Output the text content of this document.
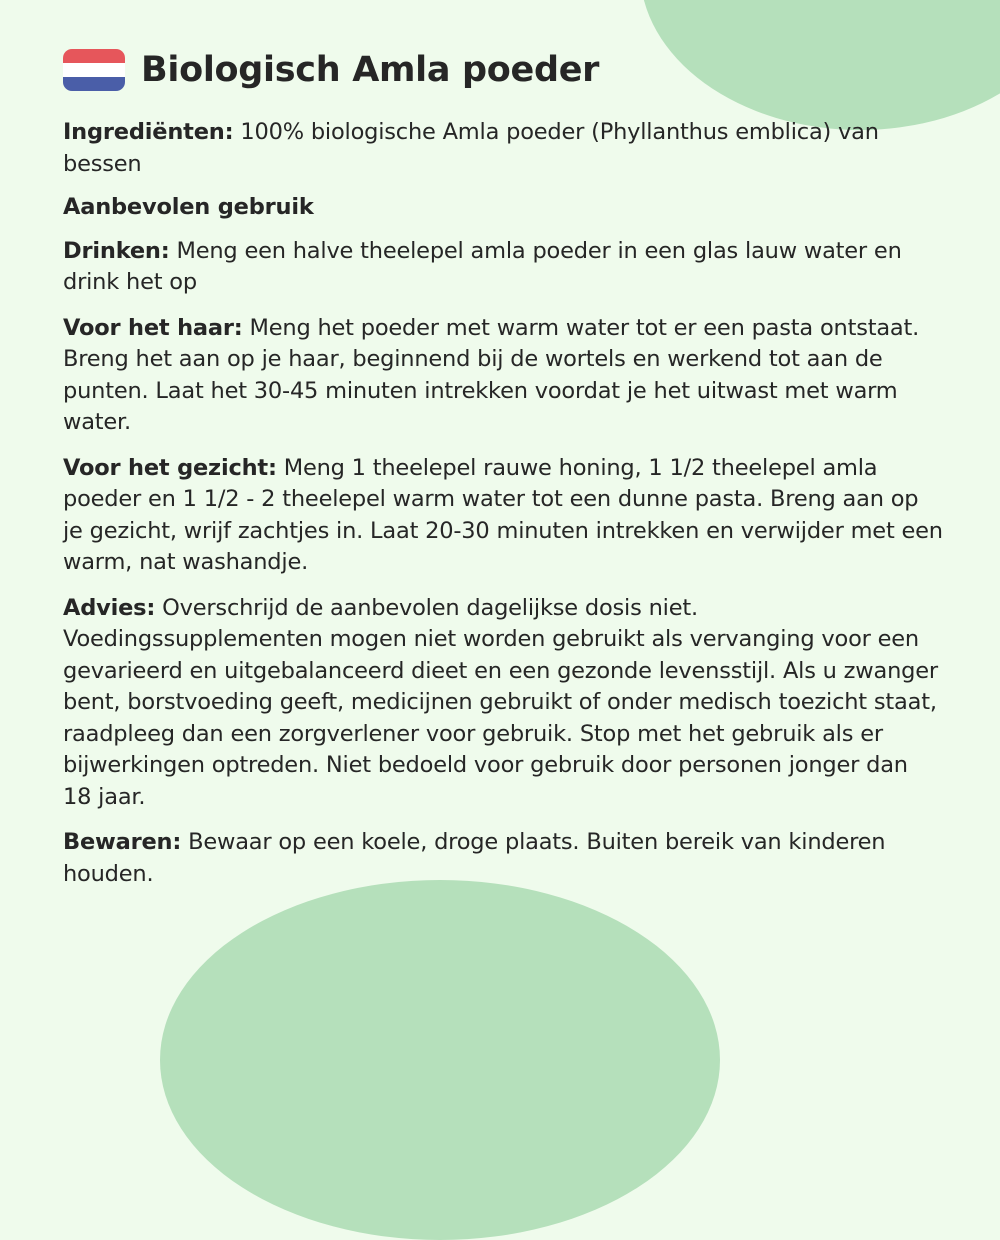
Biologisch Amla poeder

Ingrediënten: 100% biologische Amla poeder (Phyllanthus emblica) van bessen

Aanbevolen gebruik

Drinken: Meng een halve theelepel amla poeder in een glas lauw water en drink het op

Voor het haar: Meng het poeder met warm water tot er een pasta ontstaat. Breng het aan op je haar, beginnend bij de wortels en werkend tot aan de punten. Laat het 30-45 minuten intrekken voordat je het uitwast met warm water.

Voor het gezicht: Meng 1 theelepel rauwe honing, 1 1/2 theelepel amla poeder en 1 1/2 - 2 theelepel warm water tot een dunne pasta. Breng aan op je gezicht, wrijf zachtjes in. Laat 20-30 minuten intrekken en verwijder met een warm, nat washandje.

Advies: Overschrijd de aanbevolen dagelijkse dosis niet. Voedingssupplementen mogen niet worden gebruikt als vervanging voor een gevarieerd en uitgebalanceerd dieet en een gezonde levensstijl. Als u zwanger bent, borstvoeding geeft, medicijnen gebruikt of onder medisch toezicht staat, raadpleeg dan een zorgverlener voor gebruik. Stop met het gebruik als er bijwerkingen optreden. Niet bedoeld voor gebruik door personen jonger dan 18 jaar.

Bewaren: Bewaar op een koele, droge plaats. Buiten bereik van kinderen houden.
